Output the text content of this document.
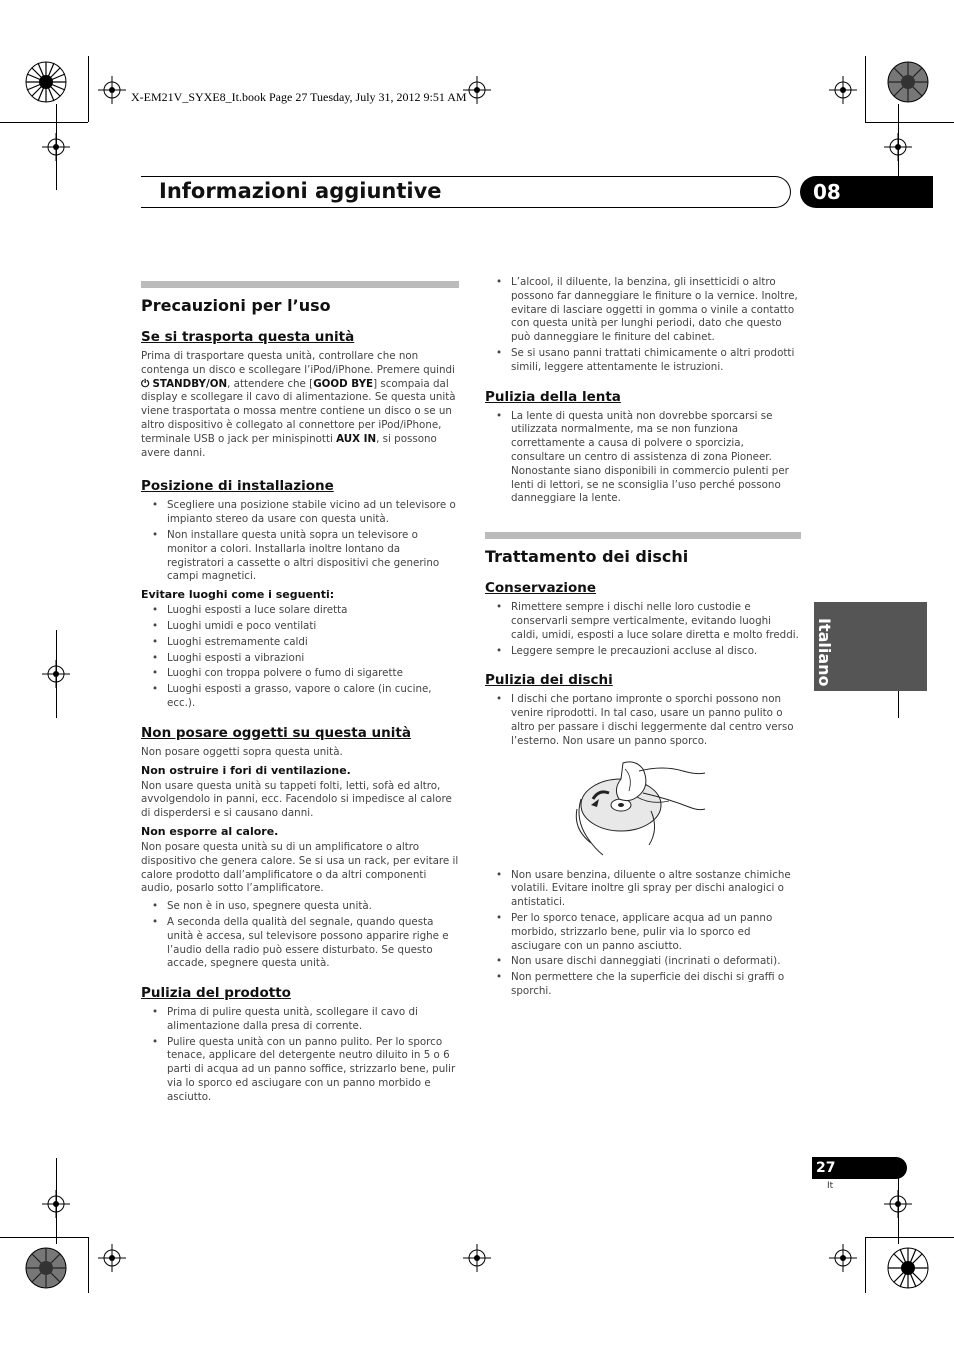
X-EM21V_SYXE8_It.book Page 27 Tuesday, July 31, 2012 9:51 AM
Informazioni aggiuntive	08
Italiano
Precauzioni per l’uso
Se si trasporta questa unità

Prima di trasportare questa unità, controllare che non contenga un disco e scollegare l’iPod/iPhone. Premere quindi ⏻ STANDBY/ON, attendere che [GOOD BYE] scompaia dal display e scollegare il cavo di alimentazione. Se questa unità viene trasportata o mossa mentre contiene un disco o se un altro dispositivo è collegato al connettore per iPod/iPhone, terminale USB o jack per minispinotti AUX IN, si possono avere danni.

Posizione di installazione
• Scegliere una posizione stabile vicino ad un televisore o impianto stereo da usare con questa unità.
• Non installare questa unità sopra un televisore o monitor a colori. Installarla inoltre lontano da registratori a cassette o altri dispositivi che generino campi magnetici.
Evitare luoghi come i seguenti:
• Luoghi esposti a luce solare diretta
• Luoghi umidi e poco ventilati
• Luoghi estremamente caldi
• Luoghi esposti a vibrazioni
• Luoghi con troppa polvere o fumo di sigarette
• Luoghi esposti a grasso, vapore o calore (in cucine, ecc.).
Non posare oggetti su questa unità

Non posare oggetti sopra questa unità.

Non ostruire i fori di ventilazione.

Non usare questa unità su tappeti folti, letti, sofà ed altro, avvolgendolo in panni, ecc. Facendolo si impedisce al calore di disperdersi e si causano danni.

Non esporre al calore.

Non posare questa unità su di un amplificatore o altro dispositivo che genera calore. Se si usa un rack, per evitare il calore prodotto dall’amplificatore o da altri componenti audio, posarlo sotto l’amplificatore.

• Se non è in uso, spegnere questa unità.
• A seconda della qualità del segnale, quando questa unità è accesa, sul televisore possono apparire righe e l’audio della radio può essere disturbato. Se questo accade, spegnere questa unità.
Pulizia del prodotto
• Prima di pulire questa unità, scollegare il cavo di alimentazione dalla presa di corrente.
• Pulire questa unità con un panno pulito. Per lo sporco tenace, applicare del detergente neutro diluito in 5 o 6 parti di acqua ad un panno soffice, strizzarlo bene, pulir via lo sporco ed asciugare con un panno morbido e asciutto.
• L’alcool, il diluente, la benzina, gli insetticidi o altro possono far danneggiare le finiture o la vernice. Inoltre, evitare di lasciare oggetti in gomma o vinile a contatto con questa unità per lunghi periodi, dato che questo può danneggiare le finiture del cabinet.
• Se si usano panni trattati chimicamente o altri prodotti simili, leggere attentamente le istruzioni.
Pulizia della lenta
• La lente di questa unità non dovrebbe sporcarsi se utilizzata normalmente, ma se non funziona correttamente a causa di polvere o sporcizia, consultare un centro di assistenza di zona Pioneer. Nonostante siano disponibili in commercio pulenti per lenti di lettori, se ne sconsiglia l’uso perché possono danneggiare la lente.
Trattamento dei dischi
Conservazione
• Rimettere sempre i dischi nelle loro custodie e conservarli sempre verticalmente, evitando luoghi caldi, umidi, esposti a luce solare diretta e molto freddi.
• Leggere sempre le precauzioni accluse al disco.
Pulizia dei dischi
• I dischi che portano impronte o sporchi possono non venire riprodotti. In tal caso, usare un panno pulito o altro per passare i dischi leggermente dal centro verso l’esterno. Non usare un panno sporco.
• Non usare benzina, diluente o altre sostanze chimiche volatili. Evitare inoltre gli spray per dischi analogici o antistatici.
• Per lo sporco tenace, applicare acqua ad un panno morbido, strizzarlo bene, pulir via lo sporco ed asciugare con un panno asciutto.
• Non usare dischi danneggiati (incrinati o deformati).
• Non permettere che la superficie dei dischi si graffi o sporchi.
27
It
